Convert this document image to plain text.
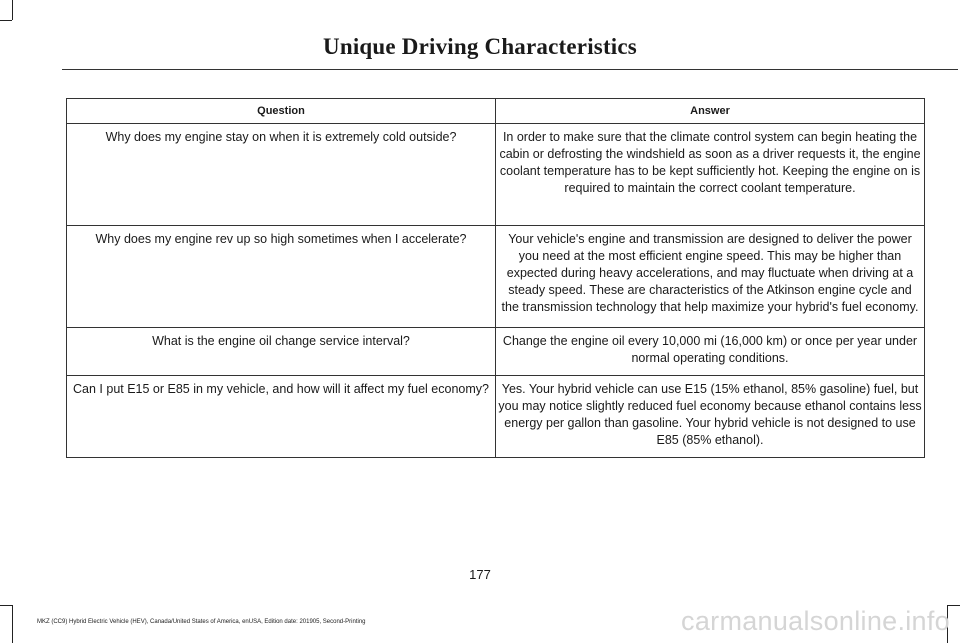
Unique Driving Characteristics
Question	Answer
Why does my engine stay on when it is extremely cold outside?	In order to make sure that the climate control system can begin heating the cabin or defrosting the windshield as soon as a driver requests it, the engine coolant temperature has to be kept sufficiently hot. Keeping the engine on is required to maintain the correct coolant temperature.
Why does my engine rev up so high sometimes when I accelerate?	Your vehicle's engine and transmission are designed to deliver the power you need at the most efficient engine speed. This may be higher than expected during heavy accelerations, and may fluctuate when driving at a steady speed. These are characteristics of the Atkinson engine cycle and the transmission technology that help maximize your hybrid's fuel economy.
What is the engine oil change service interval?	Change the engine oil every 10,000 mi (16,000 km) or once per year under normal operating conditions.
Can I put E15 or E85 in my vehicle, and how will it affect my fuel economy?	Yes. Your hybrid vehicle can use E15 (15% ethanol, 85% gasoline) fuel, but you may notice slightly reduced fuel economy because ethanol contains less energy per gallon than gasoline. Your hybrid vehicle is not designed to use E85 (85% ethanol).
177
MKZ (CC9) Hybrid Electric Vehicle (HEV), Canada/United States of America, enUSA, Edition date: 201905, Second-Printing	carmanualsonline.info
